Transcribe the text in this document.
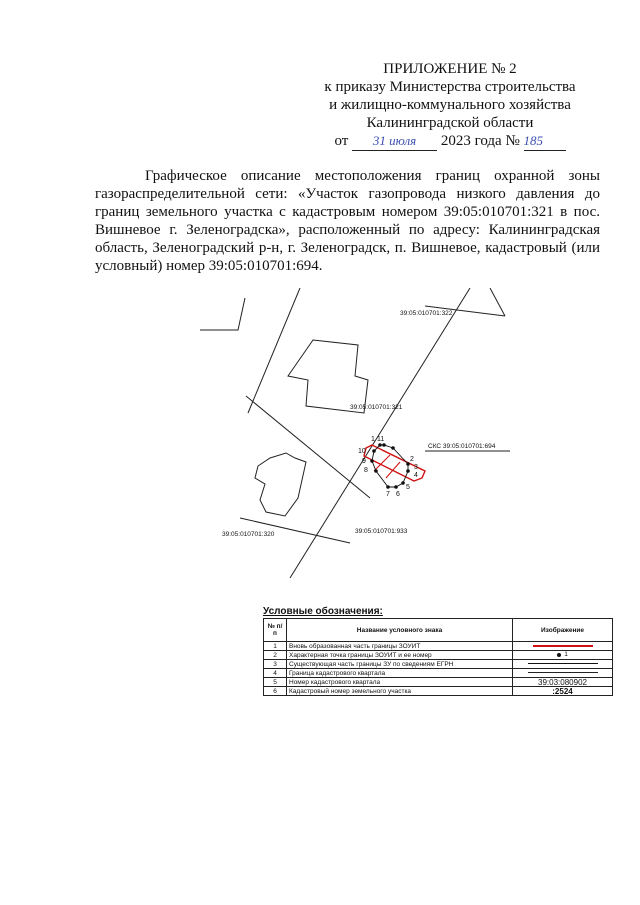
ПРИЛОЖЕНИЕ № 2
к приказу Министерства строительства
и жилищно-коммунального хозяйства
Калининградской области
от 31 июля 2023 года № 185

Графическое описание местоположения границ охранной зоны газораспределительной сети: «Участок газопровода низкого давления до границ земельного участка с кадастровым номером 39:05:010701:321 в пос. Вишневое г. Зеленоградска», расположенный по адресу: Калининградская область, Зеленоградский р-н, г. Зеленоградск, п. Вишневое, кадастровый (или условный) номер 39:05:010701:694.

1
2
3
4
5
6
7
8
9
10
11
39:05:010701:322
39:05:010701:321
39:05:010701:320	39:05:010701:933
СКС 39:05:010701:694
Условные обозначения:
№ п/п	Название условного знака	Изображение
1	Вновь образованная часть границы ЗОУИТ	
2	Характерная точка границы ЗОУИТ и ее номер	1

3	Существующая часть границы ЗУ по сведениям ЕГРН	
4	Граница кадастрового квартала	
5	Номер кадастрового квартала	39:03:080902
6	Кадастровый номер земельного участка	:2524
